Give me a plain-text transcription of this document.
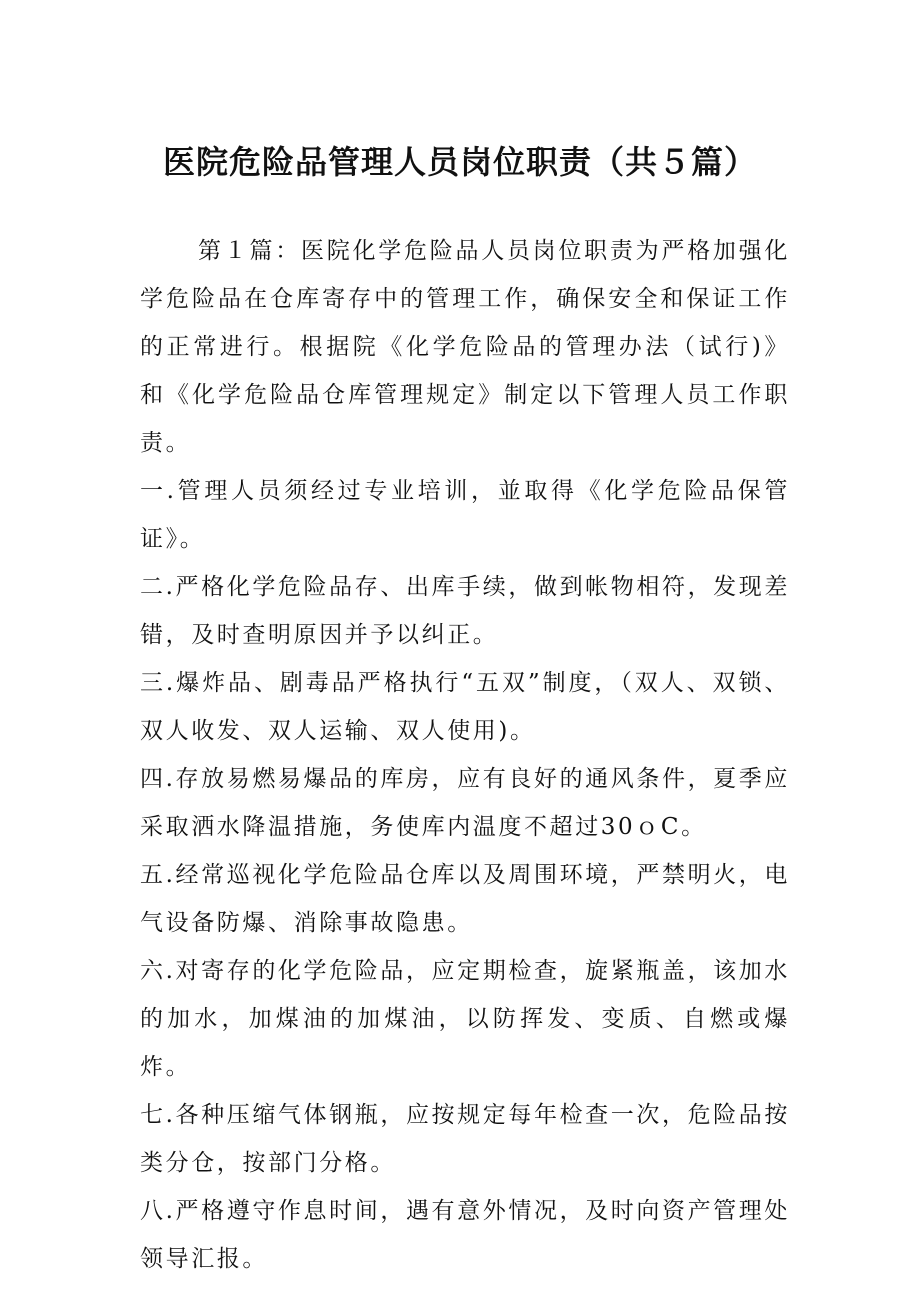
医院危险品管理人员岗位职责（共５篇）

第１篇：医院化学危险品人员岗位职责为严格加强化学危险品在仓库寄存中的管理工作，确保安全和保证工作的正常进行。根据院《化学危险品的管理办法（试行)》和《化学危险品仓库管理规定》制定以下管理人员工作职责。

一.管理人员须经过专业培训，並取得《化学危险品保管证》。

二.严格化学危险品存、出库手续，做到帐物相符，发现差错，及时查明原因并予以纠正。

三.爆炸品、剧毒品严格执行“五双”制度，（双人、双锁、双人收发、双人运输、双人使用)。

四.存放易燃易爆品的库房，应有良好的通风条件，夏季应采取洒水降温措施，务使库内温度不超过30ｏC。

五.经常巡视化学危险品仓库以及周围环境，严禁明火，电气设备防爆、消除事故隐患。

六.对寄存的化学危险品，应定期检查，旋紧瓶盖，该加水的加水，加煤油的加煤油，以防挥发、变质、自燃或爆炸。

七.各种压缩气体钢瓶，应按规定每年检查一次，危险品按类分仓，按部门分格。

八.严格遵守作息时间，遇有意外情况，及时向资产管理处领导汇报。
